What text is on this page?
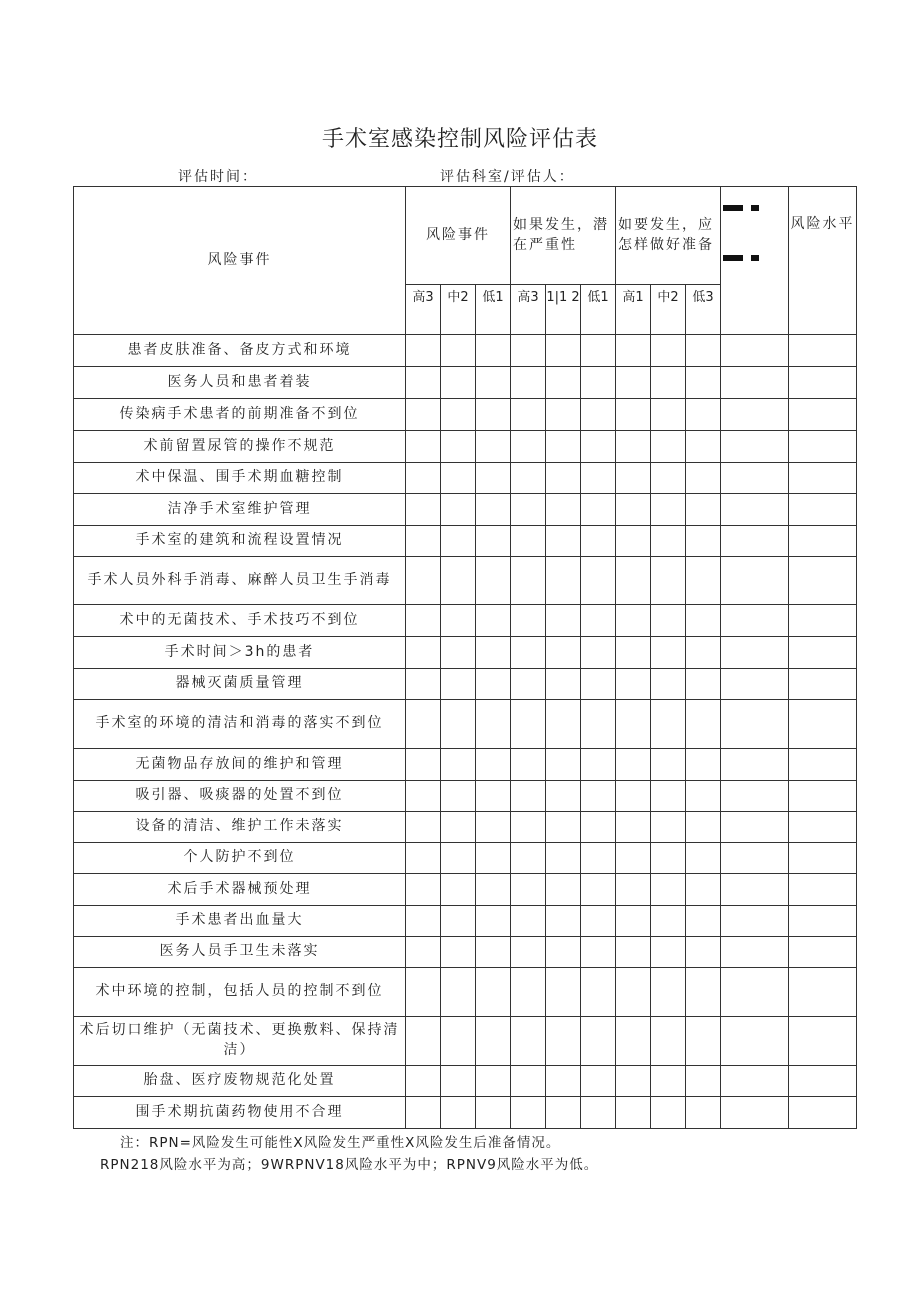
手术室感染控制风险评估表
评估时间：	评估科室/评估人：
风险事件	风险事件			如果发生，潜在严重性			如要发生，应怎样做好准备				风险水平
	高3	中2	低1	高3	1|1 2	低1	高1	中2	低3		
患者皮肤准备、备皮方式和环境											
医务人员和患者着装											
传染病手术患者的前期准备不到位											
术前留置尿管的操作不规范											
术中保温、围手术期血糖控制											
洁净手术室维护管理											
手术室的建筑和流程设置情况											
手术人员外科手消毒、麻醉人员卫生手消毒											
术中的无菌技术、手术技巧不到位											
手术时间＞3h的患者											
器械灭菌质量管理											
手术室的环境的清洁和消毒的落实不到位											
无菌物品存放间的维护和管理											
吸引器、吸痰器的处置不到位											
设备的清洁、维护工作未落实											
个人防护不到位											
术后手术器械预处理											
手术患者出血量大											
医务人员手卫生未落实											
术中环境的控制，包括人员的控制不到位											
术后切口维护（无菌技术、更换敷料、保持清洁）											
胎盘、医疗废物规范化处置											
围手术期抗菌药物使用不合理											
注：RPN=风险发生可能性X风险发生严重性X风险发生后准备情况。
RPN218风险水平为高；9WRPNV18风险水平为中；RPNV9风险水平为低。
